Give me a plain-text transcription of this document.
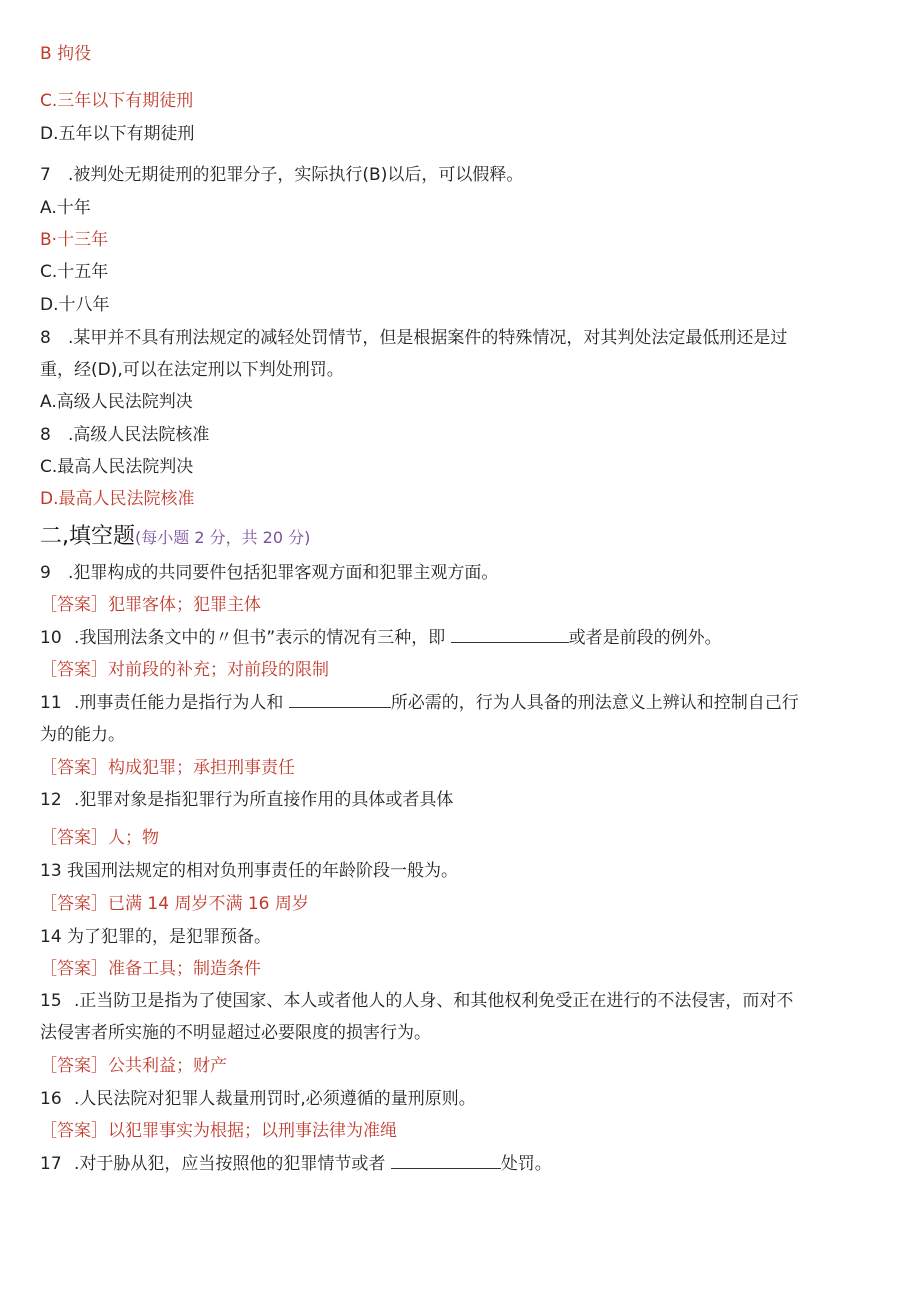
B 拘役
C.三年以下有期徒刑
D.五年以下有期徒刑
7 .被判处无期徒刑的犯罪分子，实际执行(B)以后，可以假释。
A.十年
B·十三年
C.十五年
D.十八年
8 .某甲并不具有刑法规定的减轻处罚情节，但是根据案件的特殊情况，对其判处法定最低刑还是过
重，经(D),可以在法定刑以下判处刑罚。
A.高级人民法院判决
8 .高级人民法院核准
C.最高人民法院判决
D.最高人民法院核准
二,填空题(每小题 2 分，共 20 分)
9 .犯罪构成的共同要件包括犯罪客观方面和犯罪主观方面。
［答案］犯罪客体；犯罪主体
10 .我国刑法条文中的〃但书”表示的情况有三种，即	或者是前段的例外。
［答案］对前段的补充；对前段的限制
11 .刑事责任能力是指行为人和	所必需的，行为人具备的刑法意义上辨认和控制自己行
为的能力。
［答案］构成犯罪；承担刑事责任
12 .犯罪对象是指犯罪行为所直接作用的具体或者具体
［答案］人；物
13 我国刑法规定的相对负刑事责任的年龄阶段一般为。
［答案］已满 14 周岁不满 16 周岁
14 为了犯罪的，是犯罪预备。
［答案］准备工具；制造条件
15 .正当防卫是指为了使国家、本人或者他人的人身、和其他权利免受正在进行的不法侵害，而对不
法侵害者所实施的不明显超过必要限度的损害行为。
［答案］公共利益；财产
16 .人民法院对犯罪人裁量刑罚时,必须遵循的量刑原则。
［答案］以犯罪事实为根据；以刑事法律为准绳
17 .对于胁从犯，应当按照他的犯罪情节或者	处罚。
